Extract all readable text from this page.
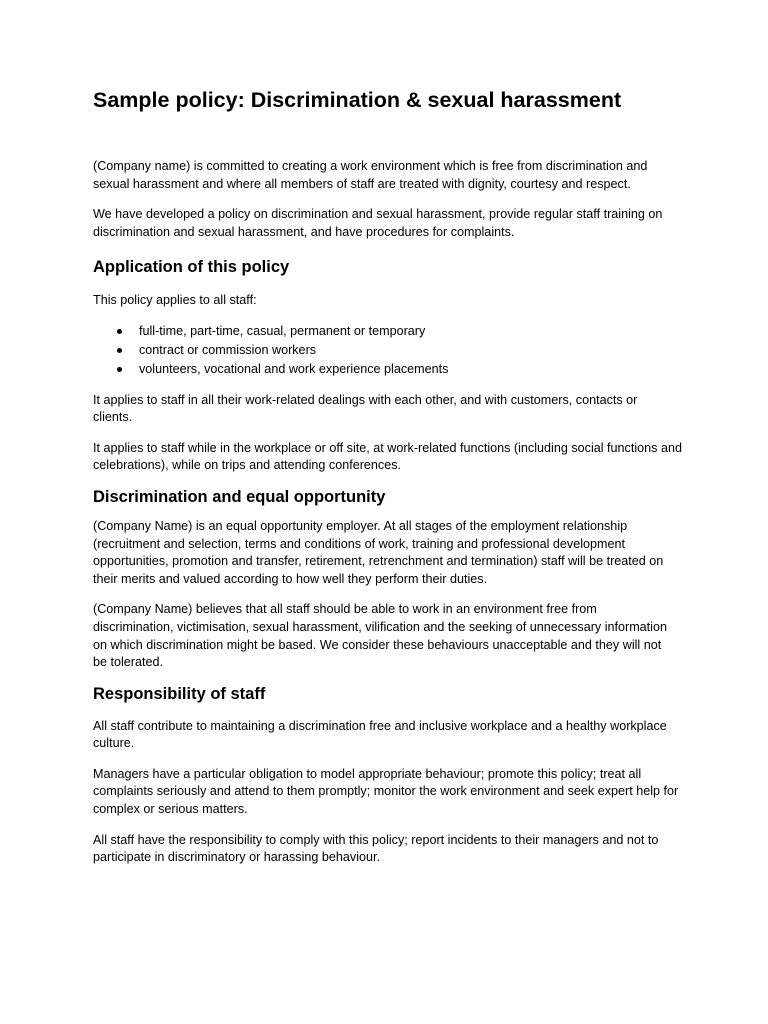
Sample policy: Discrimination & sexual harassment

(Company name) is committed to creating a work environment which is free from discrimination and sexual harassment and where all members of staff are treated with dignity, courtesy and respect.

We have developed a policy on discrimination and sexual harassment, provide regular staff training on discrimination and sexual harassment, and have procedures for complaints.

Application of this policy

This policy applies to all staff:

full-time, part-time, casual, permanent or temporary
contract or commission workers
volunteers, vocational and work experience placements

It applies to staff in all their work-related dealings with each other, and with customers, contacts or clients.

It applies to staff while in the workplace or off site, at work-related functions (including social functions and celebrations), while on trips and attending conferences.

Discrimination and equal opportunity

(Company Name) is an equal opportunity employer. At all stages of the employment relationship (recruitment and selection, terms and conditions of work, training and professional development opportunities, promotion and transfer, retirement, retrenchment and termination) staff will be treated on their merits and valued according to how well they perform their duties.

(Company Name) believes that all staff should be able to work in an environment free from discrimination, victimisation, sexual harassment, vilification and the seeking of unnecessary information on which discrimination might be based. We consider these behaviours unacceptable and they will not be tolerated.

Responsibility of staff

All staff contribute to maintaining a discrimination free and inclusive workplace and a healthy workplace culture.

Managers have a particular obligation to model appropriate behaviour; promote this policy; treat all complaints seriously and attend to them promptly; monitor the work environment and seek expert help for complex or serious matters.

All staff have the responsibility to comply with this policy; report incidents to their managers and not to participate in discriminatory or harassing behaviour.
